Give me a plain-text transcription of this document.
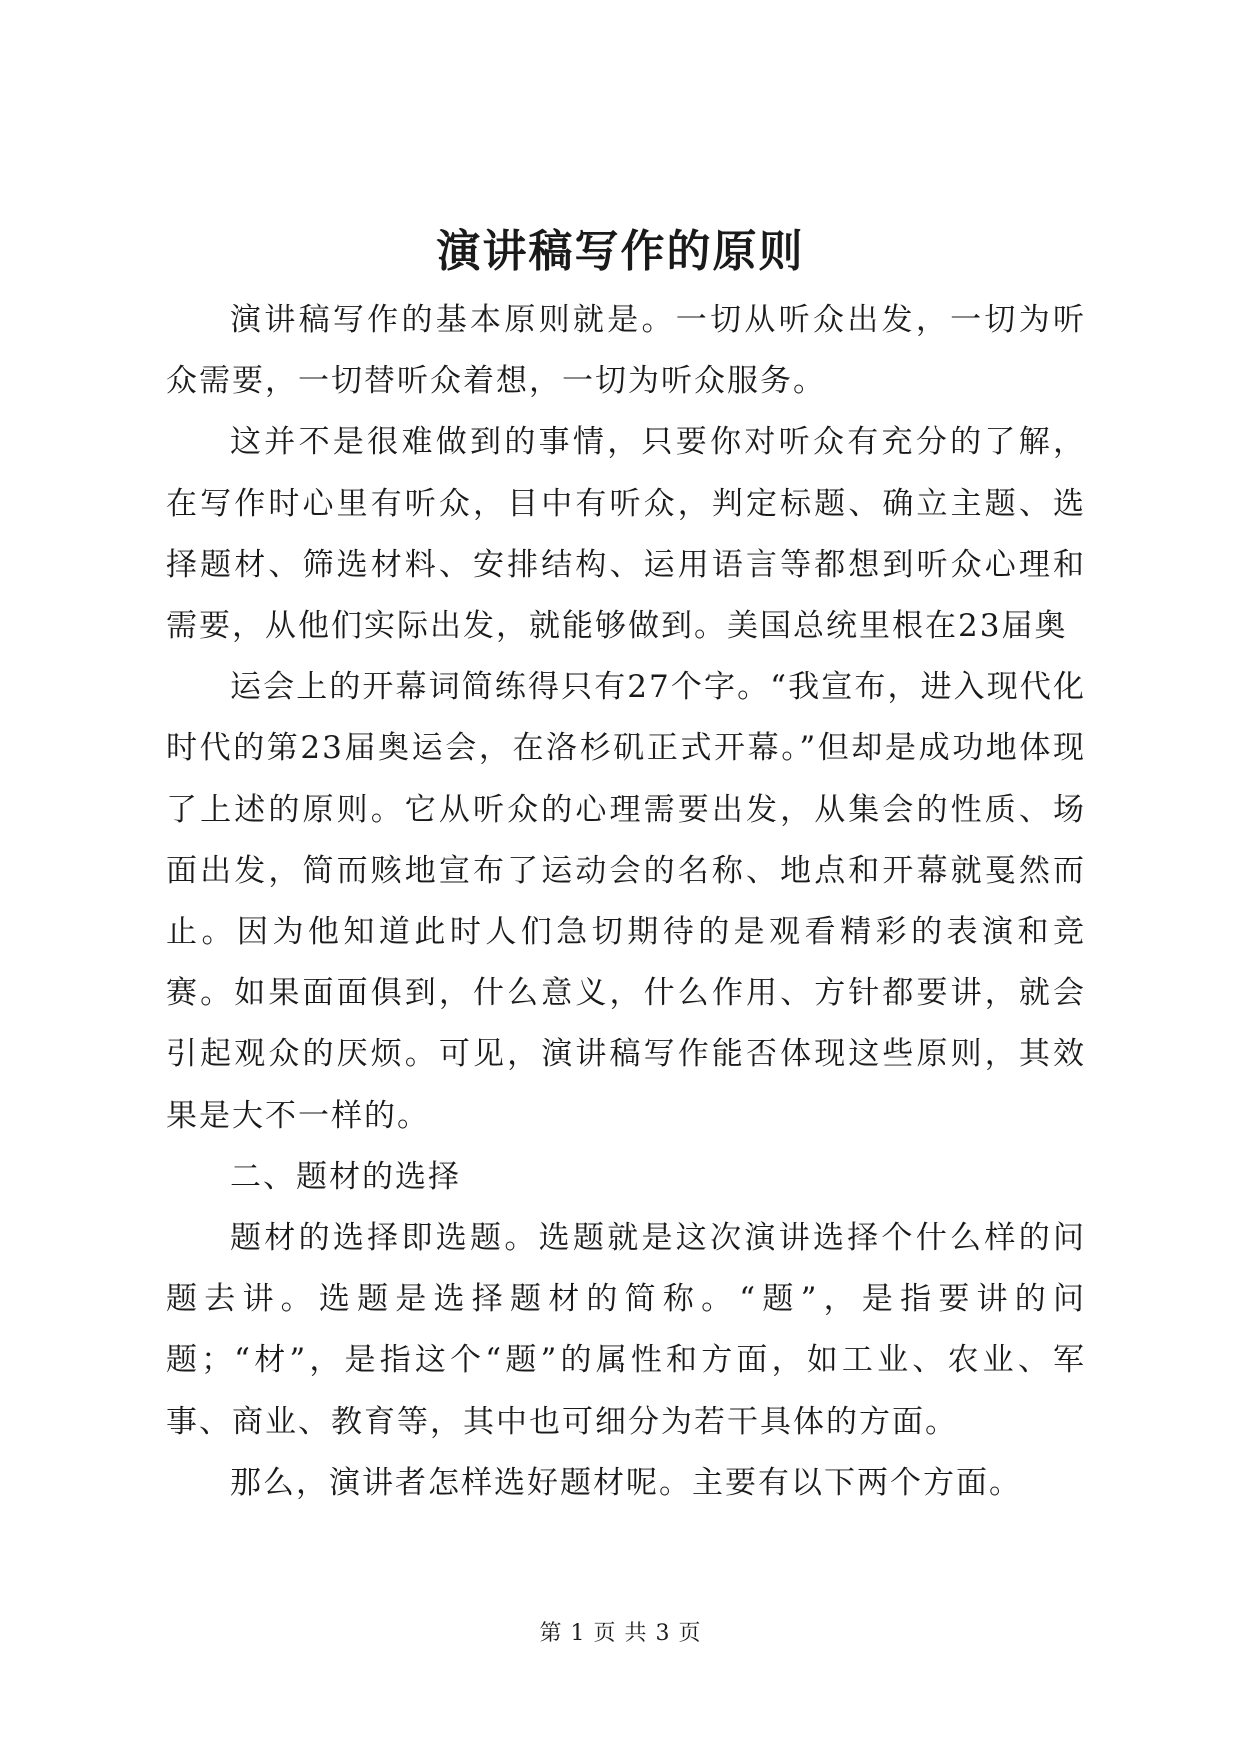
演讲稿写作的原则

演讲稿写作的基本原则就是。一切从听众出发，一切为听众需要，一切替听众着想，一切为听众服务。

这并不是很难做到的事情，只要你对听众有充分的了解，在写作时心里有听众，目中有听众，判定标题、确立主题、选择题材、筛选材料、安排结构、运用语言等都想到听众心理和需要，从他们实际出发，就能够做到。美国总统里根在23届奥

运会上的开幕词简练得只有27个字。“我宣布，进入现代化时代的第23届奥运会，在洛杉矶正式开幕。”但却是成功地体现了上述的原则。它从听众的心理需要出发，从集会的性质、场面出发，简而赅地宣布了运动会的名称、地点和开幕就戛然而止。因为他知道此时人们急切期待的是观看精彩的表演和竞赛。如果面面俱到，什么意义，什么作用、方针都要讲，就会引起观众的厌烦。可见，演讲稿写作能否体现这些原则，其效果是大不一样的。

二、题材的选择

题材的选择即选题。选题就是这次演讲选择个什么样的问题去讲。选题是选择题材的简称。“题”，是指要讲的问题；“材”，是指这个“题”的属性和方面，如工业、农业、军事、商业、教育等，其中也可细分为若干具体的方面。

那么，演讲者怎样选好题材呢。主要有以下两个方面。

第 1 页 共 3 页
